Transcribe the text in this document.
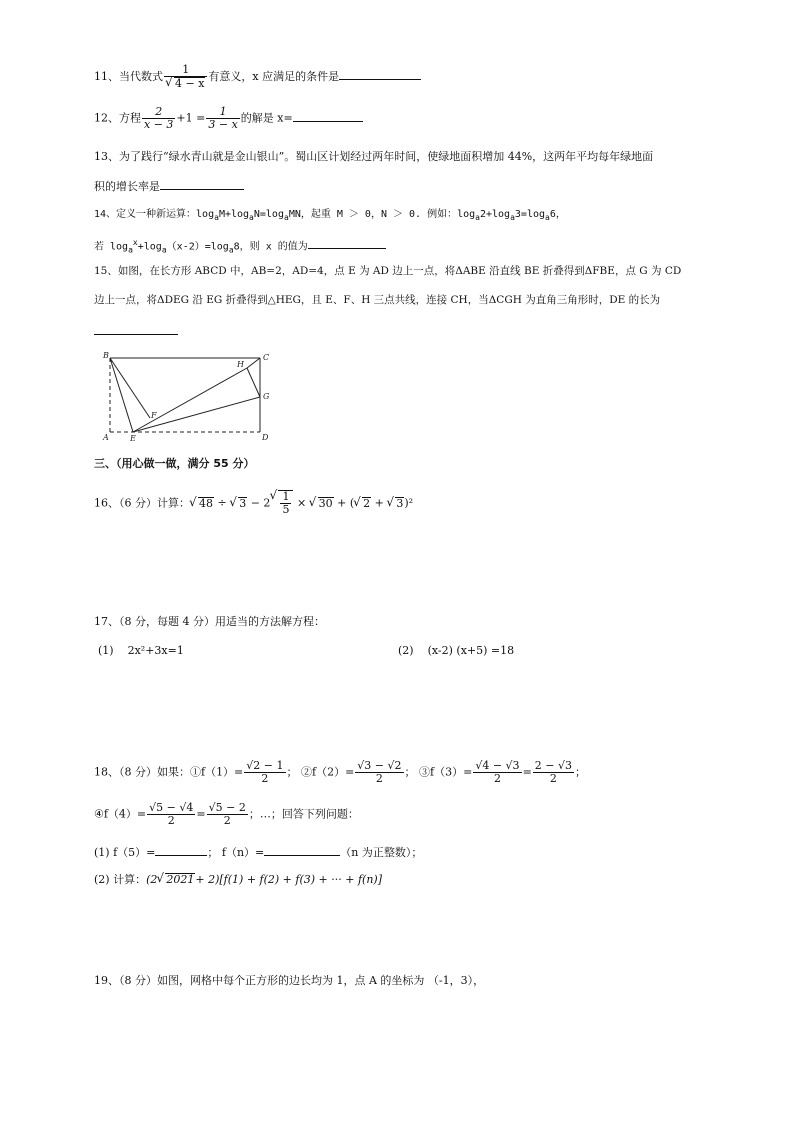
11、当代数式 1
√ 4 − x 有意义，x 应满足的条件是
12、方程 $\frac{2}{x - 3} +1 = \frac{1}{3 - x}$ 的解是 x=
13、为了践行“绿水青山就是金山银山”。蜀山区计划经过两年时间，使绿地面积增加 44%，这两年平均每年绿地面
积的增长率是
14、定义一种新运算：$\log_aM+\log_aN=\log_aMN$，起重 M ＞ 0，N ＞ 0. 例如：$\log_a2+\log_a3=\log_a6$，
若 $\log_a^x+\log_a(x-2)=\log_a8$，则 x 的值为
15、如图，在长方形 ABCD 中，AB=2，AD=4，点 E 为 AD 边上一点，将ΔABE 沿直线 BE 折叠得到ΔFBE，点 G 为 CD
边上一点，将ΔDEG 沿 EG 折叠得到△HEG，且 E、F、H 三点共线，连接 CH，当ΔCGH 为直角三角形时，DE 的长为
B	C
H
G
F
A	E	D
三、（用心做一做，满分 55 分）
16、（6 分）计算： √ 48 ÷ √ 3 − 2 √ $\frac{1}{5}$ × √ 30 + ( √ 2 + √ 3)²
17、（8 分，每题 4 分）用适当的方法解方程：
(1) 2x²+3x=1	(2) (x-2) (x+5) =18
18、（8 分）如果：①f（1）= $\frac{√2 - 1}{2}$ ； ②f（2）= $\frac{√3 - √2}{2}$ ； ③f（3）= $\frac{√4 - √3}{2} = \frac{2 - √3}{2}$ ；
④f（4）= $\frac{√5 - √4}{2} = \frac{√5 - 2}{2}$ ；…；回答下列问题：
(1) f（5）=	； f（n）=	（n 为正整数）；
(2) 计算：(2 √ 2021+ 2)[f(1) + f(2) + f(3) + ··· + f(n)]
19、（8 分）如图，网格中每个正方形的边长均为 1，点 A 的坐标为 （-1，3），
